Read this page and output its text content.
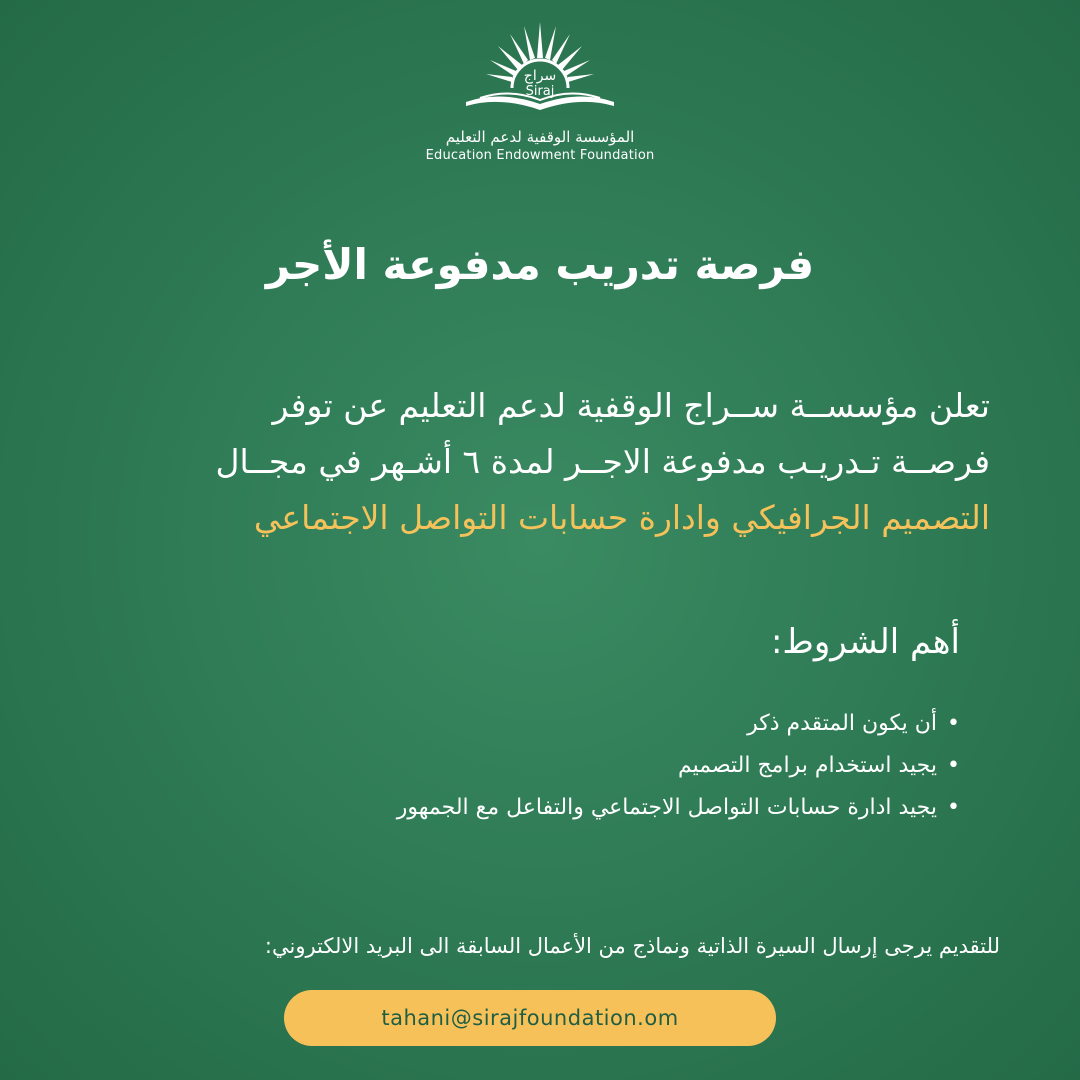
سراج
Siraj
المؤسسة الوقفية لدعم التعليم
Education Endowment Foundation
فرصة تدريب مدفوعة الأجر
تعلن مؤسســة ســراج الوقفية لدعم التعليم عن توفر
فرصــة تـدريـب مدفوعة الاجــر لمدة ٦ أشـهر في مجــال
التصميم الجرافيكي وادارة حسابات التواصل الاجتماعي
أهم الشروط:
•أن يكون المتقدم ذكر
•يجيد استخدام برامج التصميم
•يجيد ادارة حسابات التواصل الاجتماعي والتفاعل مع الجمهور
للتقديم يرجى إرسال السيرة الذاتية ونماذج من الأعمال السابقة الى البريد الالكتروني:
tahani@sirajfoundation.om
